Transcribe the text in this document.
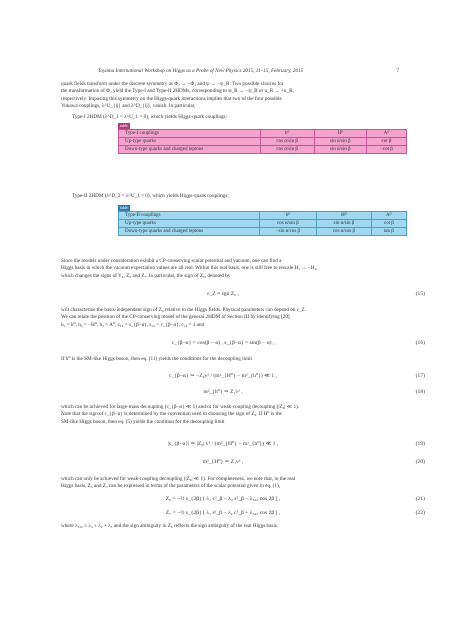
Toyama International Workshop on Higgs as a Probe of New Physics 2015, 11–15, February, 2015	7

quark fields transform under the discrete symmetry as Φ₂ → −Φ₂ and ψ → −ψ_R. Two possible choices for

the transformation of Φ₂ yield the Type-I and Type-II 2HDMs, corresponding to ψ_R → −ψ_R or u_R → +u_R,

respectively. Imposing this symmetry on the Higgs-quark interactions implies that two of the four possible

Yukawa couplings, λ^U_{ij} and λ^D_{ij}, vanish. In particular,

Type-I 2HDM (λ^D_1 = λ^U_1 = 0), which yields Higgs-quark couplings:
table
Type-I couplings	h⁰	H⁰	A⁰
Up-type quarks	cos α/sin β	sin α/sin β	cot β
Down-type quarks and charged leptons	cos α/sin β	sin α/sin β	−cot β
Type-II 2HDM (λ^D_2 = λ^U_1 = 0), which yields Higgs-quark couplings:
table
Type-II couplings	h⁰	H⁰	A⁰
Up-type quarks	cos α/sin β	sin α/sin β	cot β
Down-type quarks and charged leptons	−sin α/cos β	cos α/cos β	tan β

Since the models under consideration exhibit a CP-conserving scalar potential and vacuum, one can find a

Higgs basis in which the vacuum expectation values are all real. Within this real basis, one is still free to rescale H₂ → −H₂,

which changes the signs of Y₆, Z₆ and Z₇. In particular, the sign of Z₆, denoted by

ε_Z ≡ sgn Z₆ ,	(15)

will characterize the basis-independent sign of Z₆ relative to the Higgs fields. Physical parameters can depend on ε_Z.

We can relate the position of the CP-conserving model of the general 2HDM of Section III by identifying [20]

h₁ = h⁰, h₂ = −H⁰, h₃ = A⁰, c₁₂ = s_{β−α}, s₁₂ = c_{β−α}, c₁₃ = 1 and

c_{β−α} = cos(β − α) , s_{β−α} = sin(β − α) ,	(16)

If h⁰ is the SM-like Higgs boson, then eq. (11) yields the conditions for the decoupling limit

c_{β−α} ≃ −Z₆v² / (m²_{H⁰} − m²_{h⁰}) ≪ 1 ,	(17)
m²_{h⁰} ≃ Z₁v² ,	(18)

which can be achieved for large-mass decoupling (c_{β−α} ≪ 1) and/or for weak-coupling decoupling (|Z₆| ≪ 1).

Note that the sign of c_{β−α} is determined by the convention used in choosing the sign of Z₆. If H⁰ is the

SM-like Higgs boson, then eq. (5) yields the condition for the decoupling limit

|s_{β−α}| ≃ |Z₆| v² / (m²_{H⁰} − m²_{h⁰}) ≪ 1 ,	(19)
m²_{H⁰} ≃ Z₁v² ,	(20)

which can only be achieved for weak-coupling decoupling (|Z₆| ≪ 1). For completeness, we note that, in the real

Higgs basis, Z₆ and Z₇ can be expressed in terms of the parameters of the scalar potential given in eq. (1),

Z₆ = −½ s_{2β} [ λ₁ c²_β − λ₂ s²_β − λ₃₄₅ cos 2β ] ,	(21)
Z₇ = −½ s_{2β} [ λ₁ s²_β − λ₂ c²_β + λ₃₄₅ cos 2β ] ,	(22)

where λ₃₄₅ ≡ λ₃ + λ₄ + λ₅ and the sign ambiguity in Z₆ reflects the sign ambiguity of the real Higgs basis.
